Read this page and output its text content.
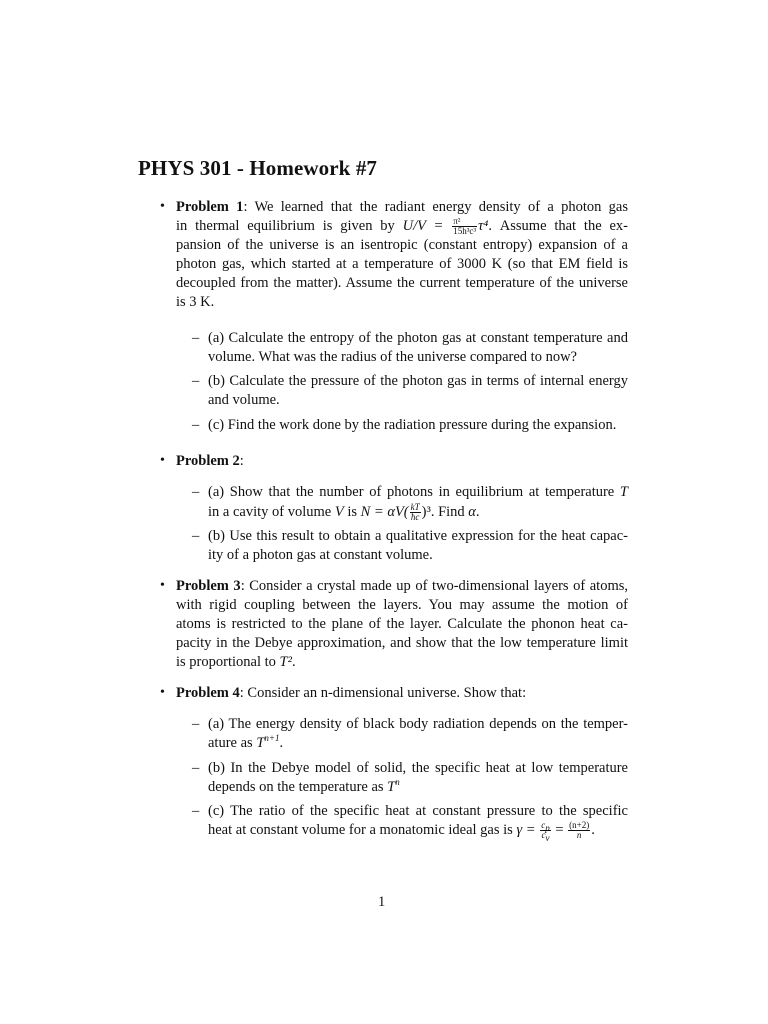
PHYS 301 - Homework #7
• Problem 1: We learned that the radiant energy density of a photon gas
in thermal equilibrium is given by $U/V = \frac{\text{π²}}{\text{15h³c³}} \tau^4$. Assume that the ex-
pansion of the universe is an isentropic (constant entropy) expansion of a
photon gas, which started at a temperature of 3000 K (so that EM field is
decoupled from the matter). Assume the current temperature of the universe
is 3 K.
– (a) Calculate the entropy of the photon gas at constant temperature and
volume. What was the radius of the universe compared to now?
– (b) Calculate the pressure of the photon gas in terms of internal energy
and volume.
– (c) Find the work done by the radiation pressure during the expansion.
• Problem 2:
– (a) Show that the number of photons in equilibrium at temperature T
in a cavity of volume V is $N = \alpha V( \frac{kT}{ħc} )^3$. Find α.
– (b) Use this result to obtain a qualitative expression for the heat capac-
ity of a photon gas at constant volume.
• Problem 3: Consider a crystal made up of two-dimensional layers of atoms,
with rigid coupling between the layers. You may assume the motion of
atoms is restricted to the plane of the layer. Calculate the phonon heat ca-
pacity in the Debye approximation, and show that the low temperature limit
is proportional to T².
• Problem 4: Consider an n-dimensional universe. Show that:
– (a) The energy density of black body radiation depends on the temper-
ature as $T^{n+1}$.
– (b) In the Debye model of solid, the specific heat at low temperature
depends on the temperature as $T^n$
– (c) The ratio of the specific heat at constant pressure to the specific
heat at constant volume for a monatomic ideal gas is $\gamma = \frac{c_p}{c_v} = \frac{(n+2)}{n}$ .
1
